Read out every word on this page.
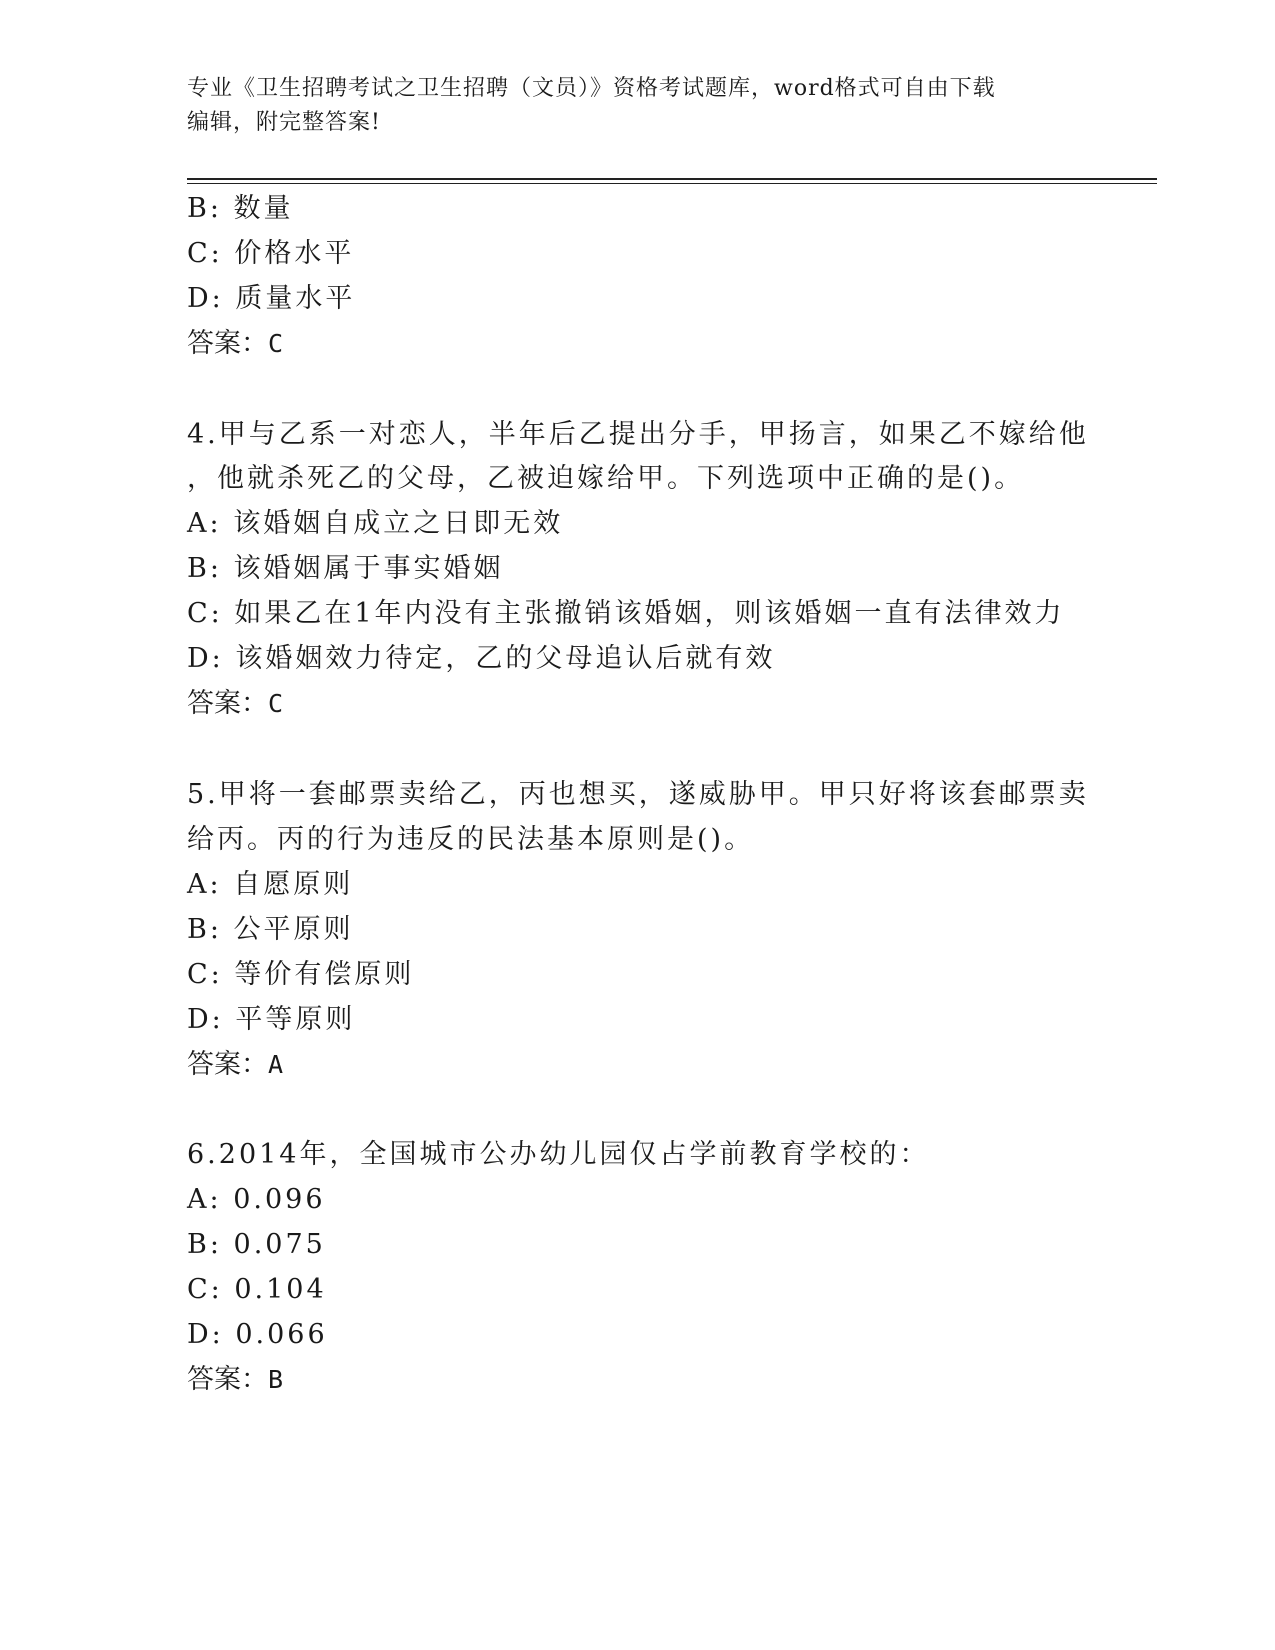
专业《卫生招聘考试之卫生招聘（文员）》资格考试题库，word格式可自由下载
编辑，附完整答案!
B: 数量
C: 价格水平
D: 质量水平
答案：C
4.甲与乙系一对恋人，半年后乙提出分手，甲扬言，如果乙不嫁给他
，他就杀死乙的父母，乙被迫嫁给甲。下列选项中正确的是()。
A: 该婚姻自成立之日即无效
B: 该婚姻属于事实婚姻
C: 如果乙在1年内没有主张撤销该婚姻，则该婚姻一直有法律效力
D: 该婚姻效力待定，乙的父母追认后就有效
答案：C
5.甲将一套邮票卖给乙，丙也想买，遂威胁甲。甲只好将该套邮票卖
给丙。丙的行为违反的民法基本原则是()。
A: 自愿原则
B: 公平原则
C: 等价有偿原则
D: 平等原则
答案：A
6.2014年，全国城市公办幼儿园仅占学前教育学校的：
A: 0.096
B: 0.075
C: 0.104
D: 0.066
答案：B
